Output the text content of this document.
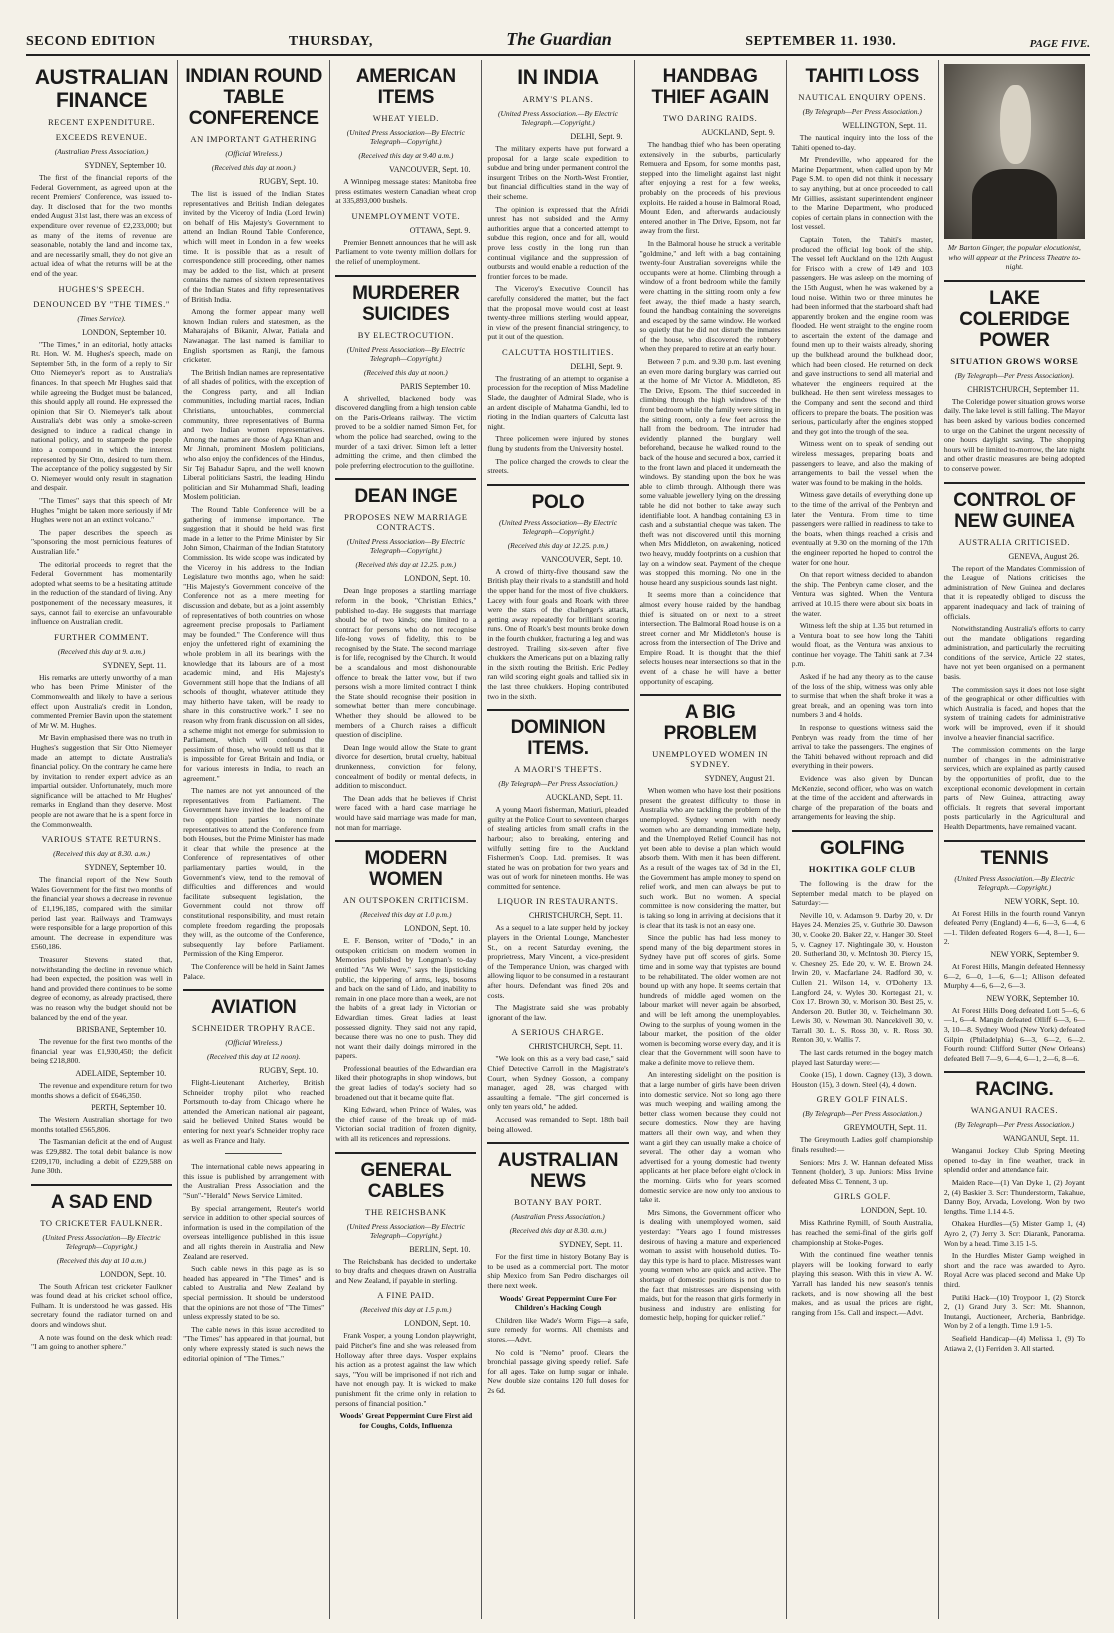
SECOND EDITION	THURSDAY,	The Guardian	SEPTEMBER 11. 1930.	PAGE FIVE.
AUSTRALIAN FINANCE
RECENT EXPENDITURE.
EXCEEDS REVENUE.
(Australian Press Association.)
SYDNEY, September 10.

The first of the financial reports of the Federal Government, as agreed upon at the recent Premiers' Conference, was issued to-day. It disclosed that for the two months ended August 31st last, there was an excess of expenditure over revenue of £2,233,000; but as many of the items of revenue are seasonable, notably the land and income tax, and are necessarily small, they do not give an actual idea of what the returns will be at the end of the year.

HUGHES'S SPEECH.
DENOUNCED BY "THE TIMES."
(Times Service).
LONDON, September 10.

"The Times," in an editorial, hotly attacks Rt. Hon. W. M. Hughes's speech, made on September 5th, in the form of a reply to Sir Otto Niemeyer's report as to Australia's finances. In that speech Mr Hughes said that while agreeing the Budget must be balanced, this should apply all round. He expressed the opinion that Sir O. Niemeyer's talk about Australia's debt was only a smoke-screen designed to induce a radical change in national policy, and to stampede the people into a compound in which the interest represented by Sir Otto, desired to turn them. The acceptance of the policy suggested by Sir O. Niemeyer would only result in stagnation and despair.

"The Times" says that this speech of Mr Hughes "might be taken more seriously if Mr Hughes were not an an extinct volcano."

The paper describes the speech as "sponsoring the most pernicious features of Australian life."

The editorial proceeds to regret that the Federal Government has momentarily adopted what seems to be a hesitating attitude in the reduction of the standard of living. Any postponement of the necessary measures, it says, cannot fail to exercise an unfavourable influence on Australian credit.

FURTHER COMMENT.
(Received this day at 9. a.m.)
SYDNEY, Sept. 11.

His remarks are utterly unworthy of a man who has been Prime Minister of the Commonwealth and likely to have a serious effect upon Australia's credit in London, commented Premier Bavin upon the statement of Mr W. M. Hughes.

Mr Bavin emphasised there was no truth in Hughes's suggestion that Sir Otto Niemeyer made an attempt to dictate Australia's financial policy. On the contrary he came here by invitation to render expert advice as an impartial outsider. Unfortunately, much more significance will be attached to Mr Hughes' remarks in England than they deserve. Most people are not aware that he is a spent force in the Commonwealth.

VARIOUS STATE RETURNS.
(Received this day at 8.30. a.m.)
SYDNEY, September 10.

The financial report of the New South Wales Government for the first two months of the financial year shows a decrease in revenue of £1,196,185, compared with the similar period last year. Railways and Tramways were responsible for a large proportion of this amount. The decrease in expenditure was £560,186.

Treasurer Stevens stated that, notwithstanding the decline in revenue which had been expected, the position was well in hand and provided there continues to be some degree of economy, as already practised, there was no reason why the budget should not be balanced by the end of the year.

BRISBANE, September 10.

The revenue for the first two months of the financial year was £1,930,450; the deficit being £218,800.

ADELAIDE, September 10.

The revenue and expenditure return for two months shows a deficit of £646,350.

PERTH, September 10.

The Western Australian shortage for two months totalled £565,806.

The Tasmanian deficit at the end of August was £29,882. The total debit balance is now £209,170, including a debit of £229,588 on June 30th.

A SAD END
TO CRICKETER FAULKNER.
(United Press Association—By Electric Telegraph—Copyright.)
(Received this day at 10 a.m.)
LONDON, Sept. 10.

The South African test cricketer Faulkner was found dead at his cricket school office, Fulham. It is understood he was gassed. His secretary found the radiator turned on and doors and windows shut.

A note was found on the desk which read: "I am going to another sphere."

INDIAN ROUND TABLE CONFERENCE
AN IMPORTANT GATHERING
(Official Wireless.)
(Received this day at noon.)
RUGBY, Sept. 10.

The list is issued of the Indian States representatives and British Indian delegates invited by the Viceroy of India (Lord Irwin) on behalf of His Majesty's Government to attend an Indian Round Table Conference, which will meet in London in a few weeks time. It is possible that as a result of correspondence still proceeding, other names may be added to the list, which at present contains the names of sixteen representatives of the Indian States and fifty representatives of British India.

Among the former appear many well known Indian rulers and statesmen, as the Maharajahs of Bikanir, Alwar, Patiala and Nawanagar. The last named is familiar to English sportsmen as Ranji, the famous cricketer.

The British Indian names are representative of all shades of politics, with the exception of the Congress party, and all Indian communities, including martial races, Indian Christians, untouchables, commercial community, three representatives of Burma and two Indian women representatives. Among the names are those of Aga Khan and Mr Jinnah, prominent Moslem politicians, who also enjoy the confidences of the Hindus, Sir Tej Bahadur Sapru, and the well known Liberal politicians Sastri, the leading Hindu politician and Sir Muhammad Shafi, leading Moslem politician.

The Round Table Conference will be a gathering of immense importance. The suggestion that it should be held was first made in a letter to the Prime Minister by Sir John Simon, Chairman of the Indian Statutory Commission. Its wide scope was indicated by the Viceroy in his address to the Indian Legislature two months ago, when he said: "His Majesty's Government conceive of the Conference not as a mere meeting for discussion and debate, but as a joint assembly of representatives of both countries on whose agreement precise proposals to Parliament may be founded." The Conference will thus enjoy the unfettered right of examining the whole problem in all its bearings with the knowledge that its labours are of a most academic mind, and His Majesty's Government still hope that the Indians of all schools of thought, whatever attitude they may hitherto have taken, will be ready to share in this constructive work." I see no reason why from frank discussion on all sides, a scheme might not emerge for submission to Parliament, which will confound the pessimism of those, who would tell us that it is impossible for Great Britain and India, or for various interests in India, to reach an agreement."

The names are not yet announced of the representatives from Parliament. The Government have invited the leaders of the two opposition parties to nominate representatives to attend the Conference from both Houses, but the Prime Minister has made it clear that while the presence at the Conference of representatives of other parliamentary parties would, in the Government's view, tend to the removal of difficulties and differences and would facilitate subsequent legislation, the Government could not throw off constitutional responsibility, and must retain complete freedom regarding the proposals they will, as the outcome of the Conference, subsequently lay before Parliament. Permission of the King Emperor.

The Conference will be held in Saint James Palace.

AVIATION
SCHNEIDER TROPHY RACE.
(Official Wireless.)
(Received this day at 12 noon).
RUGBY, Sept. 10.

Flight-Lieutenant Atcherley, British Schneider trophy pilot who reached Portsmouth to-day from Chicago where he attended the American national air pageant, said he believed United States would be entering for next year's Schneider trophy race as well as France and Italy.

The international cable news appearing in this issue is published by arrangement with the Australian Press Association and the "Sun"-"Herald" News Service Limited.

By special arrangement, Reuter's world service in addition to other special sources of information is used in the compilation of the overseas intelligence published in this issue and all rights therein in Australia and New Zealand are reserved.

Such cable news in this page as is so headed has appeared in "The Times" and is cabled to Australia and New Zealand by special permission. It should be understood that the opinions are not those of "The Times" unless expressly stated to be so.

The cable news in this issue accredited to "The Times" has appeared in that journal, but only where expressly stated is such news the editorial opinion of "The Times."

AMERICAN ITEMS
WHEAT YIELD.
(United Press Association—By Electric Telegraph—Copyright.)
(Received this day at 9.40 a.m.)
VANCOUVER, Sept. 10.

A Winnipeg message states: Manitoba free press estimates western Canadian wheat crop at 335,893,000 bushels.

UNEMPLOYMENT VOTE.
OTTAWA, Sept. 9.

Premier Bennett announces that he will ask Parliament to vote twenty million dollars for the relief of unemployment.

MURDERER SUICIDES
BY ELECTROCUTION.
(United Press Association—By Electric Telegraph—Copyright.)
(Received this day at noon.)
PARIS September 10.

A shrivelled, blackened body was discovered dangling from a high tension cable on the Paris-Orleans railway. The victim proved to be a soldier named Simon Fet, for whom the police had searched, owing to the murder of a taxi driver. Simon left a letter admitting the crime, and then climbed the pole preferring electrocution to the guillotine.

DEAN INGE
PROPOSES NEW MARRIAGE CONTRACTS.
(United Press Association—By Electric Telegraph—Copyright.)
(Received this day at 12.25. p.m.)
LONDON, Sept. 10.

Dean Inge proposes a startling marriage reform in the book, "Christian Ethics," published to-day. He suggests that marriage should be of two kinds; one limited to a contract for persons who do not recognise life-long vows of fidelity, this to be recognised by the State. The second marriage is for life, recognised by the Church. It would be a scandalous and most dishonourable offence to break the latter vow, but if two persons wish a more limited contract I think the State should recognise their position in somewhat better than mere concubinage. Whether they should be allowed to be members of a Church raises a difficult question of discipline.

Dean Inge would allow the State to grant divorce for desertion, brutal cruelty, habitual drunkenness, conviction for felony, concealment of bodily or mental defects, in addition to misconduct.

The Dean adds that he believes if Christ were faced with a hard case marriage he would have said marriage was made for man, not man for marriage.

MODERN WOMEN
AN OUTSPOKEN CRITICISM.
(Received this day at 1.0 p.m.)
LONDON, Sept. 10.

E. F. Benson, writer of "Dodo," in an outspoken criticism on modern women in Memories published by Longman's to-day entitled "As We Were," says the lipsticking public, the kippering of arms, legs, bosoms and back on the sand of Lido, and inability to remain in one place more than a week, are not the habits of a great lady in Victorian or Edwardian times. Great ladies at least possessed dignity. They said not any rapid, because there was no one to push. They did not want their daily doings mirrored in the papers.

Professional beauties of the Edwardian era liked their photographs in shop windows, but the great ladies of today's society had so broadened out that it became quite flat.

King Edward, when Prince of Wales, was the chief cause of the break up of mid-Victorian social tradition of frozen dignity, with all its reticences and repressions.

GENERAL CABLES
THE REICHSBANK
(United Press Association—By Electric Telegraph—Copyright.)
BERLIN, Sept. 10.

The Reichsbank has decided to undertake to buy drafts and cheques drawn on Australia and New Zealand, if payable in sterling.

A FINE PAID.
(Received this day at 1.5 p.m.)
LONDON, Sept. 10.

Frank Vosper, a young London playwright, paid Pitcher's fine and she was released from Holloway after three days. Vosper explains his action as a protest against the law which says, "You will be imprisoned if not rich and have not enough pay. It is wicked to make punishment fit the crime only in relation to persons of financial position."

Woods' Great Peppermint Cure First aid for Coughs, Colds, Influenza

IN INDIA
ARMY'S PLANS.
(United Press Association.—By Electric Telegraph.—Copyright.)
DELHI, Sept. 9.

The military experts have put forward a proposal for a large scale expedition to subdue and bring under permanent control the insurgent Tribes on the North-West Frontier, but financial difficulties stand in the way of their scheme.

The opinion is expressed that the Afridi unrest has not subsided and the Army authorities argue that a concerted attempt to subdue this region, once and for all, would prove less costly in the long run than continual vigilance and the suppression of outbursts and would enable a reduction of the frontier forces to be made.

The Viceroy's Executive Council has carefully considered the matter, but the fact that the proposal move would cost at least twenty-three millions sterling would appear, in view of the present financial stringency, to put it out of the question.

CALCUTTA HOSTILITIES.
DELHI, Sept. 9.

The frustrating of an attempt to organise a procession for the reception of Miss Madeline Slade, the daughter of Admiral Slade, who is an ardent disciple of Mahatma Gandhi, led to rioting in the Indian quarters of Calcutta last night.

Three policemen were injured by stones flung by students from the University hostel.

The police charged the crowds to clear the streets.

POLO
(United Press Association—By Electric Telegraph—Copyright.)
(Received this day at 12.25. p.m.)
VANCOUVER, Sept. 10.

A crowd of thirty-five thousand saw the British play their rivals to a standstill and hold the upper hand for the most of five chukkers. Lacey with four goals and Roark with three were the stars of the challenger's attack, getting away repeatedly for brilliant scoring runs. One of Roark's best mounts broke down in the fourth chukker, fracturing a leg and was destroyed. Trailing six-seven after five chukkers the Americans put on a blazing rally in the sixth routing the British. Eric Pedley ran wild scoring eight goals and tallied six in the last three chukkers. Hoping contributed two in the sixth.

DOMINION ITEMS.
A MAORI'S THEFTS.
(By Telegraph—Per Press Association.)
AUCKLAND, Sept. 11.

A young Maori fisherman, Matiuri, pleaded guilty at the Police Court to seventeen charges of stealing articles from small crafts in the harbour; also to breaking, entering and wilfully setting fire to the Auckland Fishermen's Coop. Ltd. premises. It was stated he was on probation for two years and was out of work for nineteen months. He was committed for sentence.

LIQUOR IN RESTAURANTS.
CHRISTCHURCH, Sept. 11.

As a sequel to a late supper held by jockey players in the Oriental Lounge, Manchester St., on a recent Saturday evening, the proprietress, Mary Vincent, a vice-president of the Temperance Union, was charged with allowing liquor to be consumed in a restaurant after hours. Defendant was fined 20s and costs.

The Magistrate said she was probably ignorant of the law.

A SERIOUS CHARGE.
CHRISTCHURCH, Sept. 11.

"We look on this as a very bad case," said Chief Detective Carroll in the Magistrate's Court, when Sydney Gosson, a company manager, aged 28, was charged with assaulting a female. "The girl concerned is only ten years old," he added.

Accused was remanded to Sept. 18th bail being allowed.

AUSTRALIAN NEWS
BOTANY BAY PORT.
(Australian Press Association.)
(Received this day at 8.30. a.m.)
SYDNEY, Sept. 11.

For the first time in history Botany Bay is to be used as a commercial port. The motor ship Mexico from San Pedro discharges oil there next week.

Woods' Great Peppermint Cure For Children's Hacking Cough

Children like Wade's Worm Figs—a safe, sure remedy for worms. All chemists and stores.—Advt.

No cold is "Nemo" proof. Clears the bronchial passage giving speedy relief. Safe for all ages. Take on lump sugar or inhale. New double size contains 120 full doses for 2s 6d.

HANDBAG THIEF AGAIN
TWO DARING RAIDS.
AUCKLAND, Sept. 9.

The handbag thief who has been operating extensively in the suburbs, particularly Remuera and Epsom, for some months past, stepped into the limelight against last night after enjoying a rest for a few weeks, probably on the proceeds of his previous exploits. He raided a house in Balmoral Road, Mount Eden, and afterwards audaciously entered another in The Drive, Epsom, not far away from the first.

In the Balmoral house he struck a veritable "goldmine," and left with a bag containing twenty-four Australian sovereigns while the occupants were at home. Climbing through a window of a front bedroom while the family were chatting in the sitting room only a few feet away, the thief made a hasty search, found the handbag containing the sovereigns and escaped by the same window. He worked so quietly that he did not disturb the inmates of the house, who discovered the robbery when they prepared to retire at an early hour.

Between 7 p.m. and 9.30 p.m. last evening an even more daring burglary was carried out at the home of Mr Victor A. Middleton, 85 The Drive, Epsom. The thief succeeded in climbing through the high windows of the front bedroom while the family were sitting in the sitting room, only a few feet across the hall from the bedroom. The intruder had evidently planned the burglary well beforehand, because he walked round to the back of the house and secured a box, carried it to the front lawn and placed it underneath the windows. By standing upon the box he was able to climb through. Although there was some valuable jewellery lying on the dressing table he did not bother to take away such identifiable loot. A handbag containing £3 in cash and a substantial cheque was taken. The theft was not discovered until this morning when Mrs Middleton, on awakening, noticed two heavy, muddy footprints on a cushion that lay on a window seat. Payment of the cheque was stopped this morning. No one in the house heard any suspicious sounds last night.

It seems more than a coincidence that almost every house raided by the handbag thief is situated on or next to a street intersection. The Balmoral Road house is on a street corner and Mr Middleton's house is across from the intersection of The Drive and Empire Road. It is thought that the thief selects houses near intersections so that in the event of a chase he will have a better opportunity of escaping.

A BIG PROBLEM
UNEMPLOYED WOMEN IN SYDNEY.
SYDNEY, August 21.

When women who have lost their positions present the greatest difficulty to those in Australia who are tackling the problem of the unemployed. Sydney women with needy women who are demanding immediate help, and the Unemployed Relief Council has not yet been able to devise a plan which would absorb them. With men it has been different. As a result of the wages tax of 3d in the £1, the Government has ample money to spend on relief work, and men can always be put to such work. But no women. A special committee is now considering the matter, but is taking so long in arriving at decisions that it is clear that its task is not an easy one.

Since the public has had less money to spend many of the big department stores in Sydney have put off scores of girls. Some time and in some way that typistes are bound to be rehabilitated. The older women are not bound up with any hope. It seems certain that hundreds of middle aged women on the labour market will never again be absorbed, and will be left among the unemployables. Owing to the surplus of young women in the labour market, the position of the older women is becoming worse every day, and it is clear that the Government will soon have to make a definite move to relieve them.

An interesting sidelight on the position is that a large number of girls have been driven into domestic service. Not so long ago there was much weeping and wailing among the better class women because they could not secure domestics. Now they are having matters all their own way, and when they want a girl they can usually make a choice of several. The other day a woman who advertised for a young domestic had twenty applicants at her place before eight o'clock in the morning. Girls who for years scorned domestic service are now only too anxious to take it.

Mrs Simons, the Government officer who is dealing with unemployed women, said yesterday: "Years ago I found mistresses desirous of having a mature and experienced woman to assist with household duties. To-day this type is hard to place. Mistresses want young women who are quick and active. The shortage of domestic positions is not due to the fact that mistresses are dispensing with maids, but for the reason that girls formerly in business and industry are enlisting for domestic help, hoping for quicker relief."

TAHITI LOSS
NAUTICAL ENQUIRY OPENS.
(By Telegraph—Per Press Association.)
WELLINGTON, Sept. 11.

The nautical inquiry into the loss of the Tahiti opened to-day.

Mr Prendeville, who appeared for the Marine Department, when called upon by Mr Page S.M. to open did not think it necessary to say anything, but at once proceeded to call Mr Gillies, assistant superintendent engineer to the Marine Department, who produced copies of certain plans in connection with the lost vessel.

Captain Toten, the Tahiti's master, produced the official log book of the ship. The vessel left Auckland on the 12th August for Frisco with a crew of 149 and 103 passengers. He was asleep on the morning of the 15th August, when he was wakened by a loud noise. Within two or three minutes he had been informed that the starboard shaft had apparently broken and the engine room was flooded. He went straight to the engine room to ascertain the extent of the damage and found men up to their waists already, shoring up the bulkhead around the bulkhead door, which had been closed. He returned on deck and gave instructions to send all material and whatever the engineers required at the bulkhead. He then sent wireless messages to the Company and sent the second and third officers to prepare the boats. The position was serious, particularly after the engines stopped and they got into the trough of the sea.

Witness went on to speak of sending out wireless messages, preparing boats and passengers to leave, and also the making of arrangements to bail the vessel when the water was found to be making in the holds.

Witness gave details of everything done up to the time of the arrival of the Penbryn and later the Ventura. From time to time passengers were rallied in readiness to take to the boats, when things reached a crisis and eventually at 9.30 on the morning of the 17th the engineer reported he hoped to control the water for one hour.

On that report witness decided to abandon the ship. The Penbryn came closer, and the Ventura was sighted. When the Ventura arrived at 10.15 there were about six boats in the water.

Witness left the ship at 1.35 but returned in a Ventura boat to see how long the Tahiti would float, as the Ventura was anxious to continue her voyage. The Tahiti sank at 7.34 p.m.

Asked if he had any theory as to the cause of the loss of the ship, witness was only able to surmise that when the shaft broke it was a great break, and an opening was torn into numbers 3 and 4 holds.

In response to questions witness said the Penbryn was ready from the time of her arrival to take the passengers. The engines of the Tahiti behaved without reproach and did everything in their powers.

Evidence was also given by Duncan McKenzie, second officer, who was on watch at the time of the accident and afterwards in charge of the preparation of the boats and arrangements for leaving the ship.

GOLFING
HOKITIKA GOLF CLUB

The following is the draw for the September medal match to be played on Saturday:—

Neville 10, v. Adamson 9. Darby 20, v. Dr Hayes 24. Menzies 25, v. Guthrie 30. Dawson 30, v. Cooke 20. Baker 22, v. Hanger 30. Steel 5, v. Cagney 17. Nightingale 30, v. Houston 20. Sutherland 30, v. McIntosh 30. Piercy 15, v. Chesney 25. Ede 20, v. W. E. Brown 24. Irwin 20, v. Macfarlane 24. Radford 30, v. Cullen 21. Wilson 14, v. O'Doherty 13. Langford 24, v. Wyles 30. Kortegast 21, v. Cox 17. Brown 30, v. Morison 30. Best 25, v. Anderson 20. Butler 30, v. Teichelmann 30. Lewis 30, v. Newman 30. Nancekivell 30, v. Tarrall 30. L. S. Ross 30, v. R. Ross 30. Renton 30, v. Wallis 7.

The last cards returned in the bogey match played last Saturday were:—

Cooke (15), 1 down. Cagney (13), 3 down. Houston (15), 3 down. Steel (4), 4 down.

GREY GOLF FINALS.
(By Telegraph—Per Press Association.)
GREYMOUTH, Sept. 11.

The Greymouth Ladies golf championship finals resulted:—

Seniors: Mrs J. W. Hannan defeated Miss Tennent (holder), 3 up. Juniors: Miss Irvine defeated Miss C. Tennent, 3 up.

GIRLS GOLF.
LONDON, Sept. 10.

Miss Kathrine Rymill, of South Australia, has reached the semi-final of the girls golf championship at Stoke-Poges.

With the continued fine weather tennis players will be looking forward to early playing this season. With this in view A. W. Yarrall has landed his new season's tennis rackets, and is now showing all the best makes, and as usual the prices are right, ranging from 15s. Call and inspect.—Advt.

Mr Barton Ginger, the popular elocutionist, who will appear at the Princess Theatre to-night.
LAKE COLERIDGE POWER
SITUATION GROWS WORSE
(By Telegraph—Per Press Association).
CHRISTCHURCH, September 11.

The Coleridge power situation grows worse daily. The lake level is still falling. The Mayor has been asked by various bodies concerned to urge on the Cabinet the urgent necessity of one hours daylight saving. The shopping hours will be limited to-morrow, the late night and other drastic measures are being adopted to conserve power.

CONTROL OF NEW GUINEA
AUSTRALIA CRITICISED.
GENEVA, August 26.

The report of the Mandates Commission of the League of Nations criticises the administration of New Guinea and declares that it is repeatedly obliged to discuss the apparent inadequacy and lack of training of officials.

Notwithstanding Australia's efforts to carry out the mandate obligations regarding administration, and particularly the recruiting conditions of the service, Article 22 states, have not yet been organised on a permanent basis.

The commission says it does not lose sight of the geographical or other difficulties with which Australia is faced, and hopes that the system of training cadets for administrative work will be improved, even if it should involve a heavier financial sacrifice.

The commission comments on the large number of changes in the administrative services, which are explained as partly caused by the opportunities of profit, due to the exceptional economic development in certain parts of New Guinea, attracting away officials. It regrets that several important posts particularly in the Agricultural and Health Departments, have remained vacant.

TENNIS
(United Press Association.—By Electric Telegraph.—Copyright.)
NEW YORK, Sept. 10.

At Forest Hills in the fourth round Vanryn defeated Perry (England) 4—6, 6—3, 6—4, 6—1. Tilden defeated Rogers 6—4, 8—1, 6—2.

NEW YORK, September 9.

At Forest Hills, Mangin defeated Hennessy 6—2, 6—0, 1—6, 6—1; Allison defeated Murphy 4—6, 6—2, 6—3.

NEW YORK, September 10.

At Forest Hills Doeg defeated Lott 5—6, 6—1, 6—4. Mangin defeated Olliff 6—3, 6—3, 10—8. Sydney Wood (New York) defeated Gilpin (Philadelphia) 6—3, 6—2, 6—2. Fourth round: Clifford Sutter (New Orleans) defeated Bell 7—9, 6—4, 6—1, 2—6, 8—6.

RACING.
WANGANUI RACES.
(By Telegraph—Per Press Association.)
WANGANUI, Sept. 11.

Wanganui Jockey Club Spring Meeting opened to-day in fine weather, track in splendid order and attendance fair.

Maiden Race—(1) Van Dyke 1, (2) Joyant 2, (4) Baskier 3. Scr: Thunderstorm, Takahue, Danny Boy, Arvada, Lovelong. Won by two lengths. Time 1.14 4-5.

Ohakea Hurdles—(5) Mister Gamp 1, (4) Ayro 2, (7) Jerry 3. Scr: Diarank, Panorama. Won by a head. Time 3.15 1-5.

In the Hurdles Mister Gamp weighed in short and the race was awarded to Ayro. Royal Acre was placed second and Make Up third.

Putiki Hack—(10) Troypoor 1, (2) Storck 2, (1) Grand Jury 3. Scr: Mt. Shannon, Inutangi, Auctioneer, Archeria, Banbridge. Won by 2 of a length. Time 1.9 1-5.

Seafield Handicap—(4) Melissa 1, (9) To Atiawa 2, (1) Ferriden 3. All started.
